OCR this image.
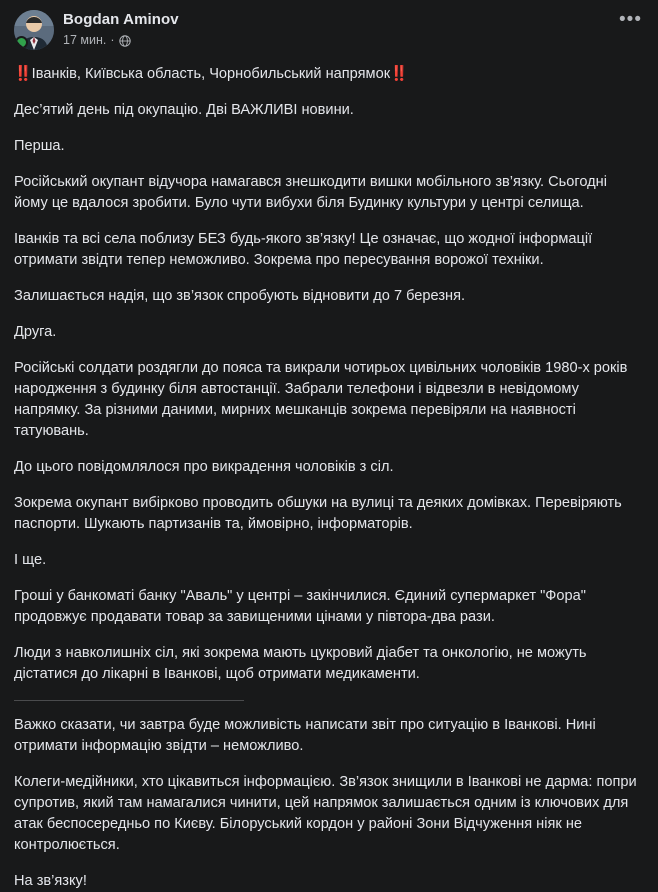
Bogdan Aminov
17 мин. ·
•••

‼️Іванків, Київська область, Чорнобильський напрямок‼️

Дес’ятий день під окупацію. Дві ВАЖЛИВІ новини.

Перша.

Російський окупант відучора намагався знешкодити вишки мобільного зв’язку. Сьогодні йому це вдалося зробити. Було чути вибухи біля Будинку культури у центрі селища.

Іванків та всі села поблизу БЕЗ будь-якого зв’язку! Це означає, що жодної інформації отримати звідти тепер неможливо. Зокрема про пересування ворожої техніки.

Залишається надія, що зв’язок спробують відновити до 7 березня.

Друга.

Російські солдати роздягли до пояса та викрали чотирьох цивільних чоловіків 1980-х років народження з будинку біля автостанції. Забрали телефони і відвезли в невідомому напрямку. За різними даними, мирних мешканців зокрема перевіряли на наявності татуювань.

До цього повідомлялося про викрадення чоловіків з сіл.

Зокрема окупант вибірково проводить обшуки на вулиці та деяких домівках. Перевіряють паспорти. Шукають партизанів та, ймовірно, інформаторів.

І ще.

Гроші у банкоматі банку "Аваль" у центрі – закінчилися. Єдиний супермаркет "Фора" продовжує продавати товар за завищеними цінами у півтора-два рази.

Люди з навколишніх сіл, які зокрема мають цукровий діабет та онкологію, не можуть дістатися до лікарні в Іванкові, щоб отримати медикаменти.

Важко сказати, чи завтра буде можливість написати звіт про ситуацію в Іванкові. Нині отримати інформацію звідти – неможливо.

Колеги-медійники, хто цікавиться інформацією. Зв’язок знищили в Іванкові не дарма: попри супротив, який там намагалися чинити, цей напрямок залишається одним із ключових для атак беспосередньо по Києву. Білоруський кордон у районі Зони Відчуження ніяк не контролюється.

На зв’язку!
